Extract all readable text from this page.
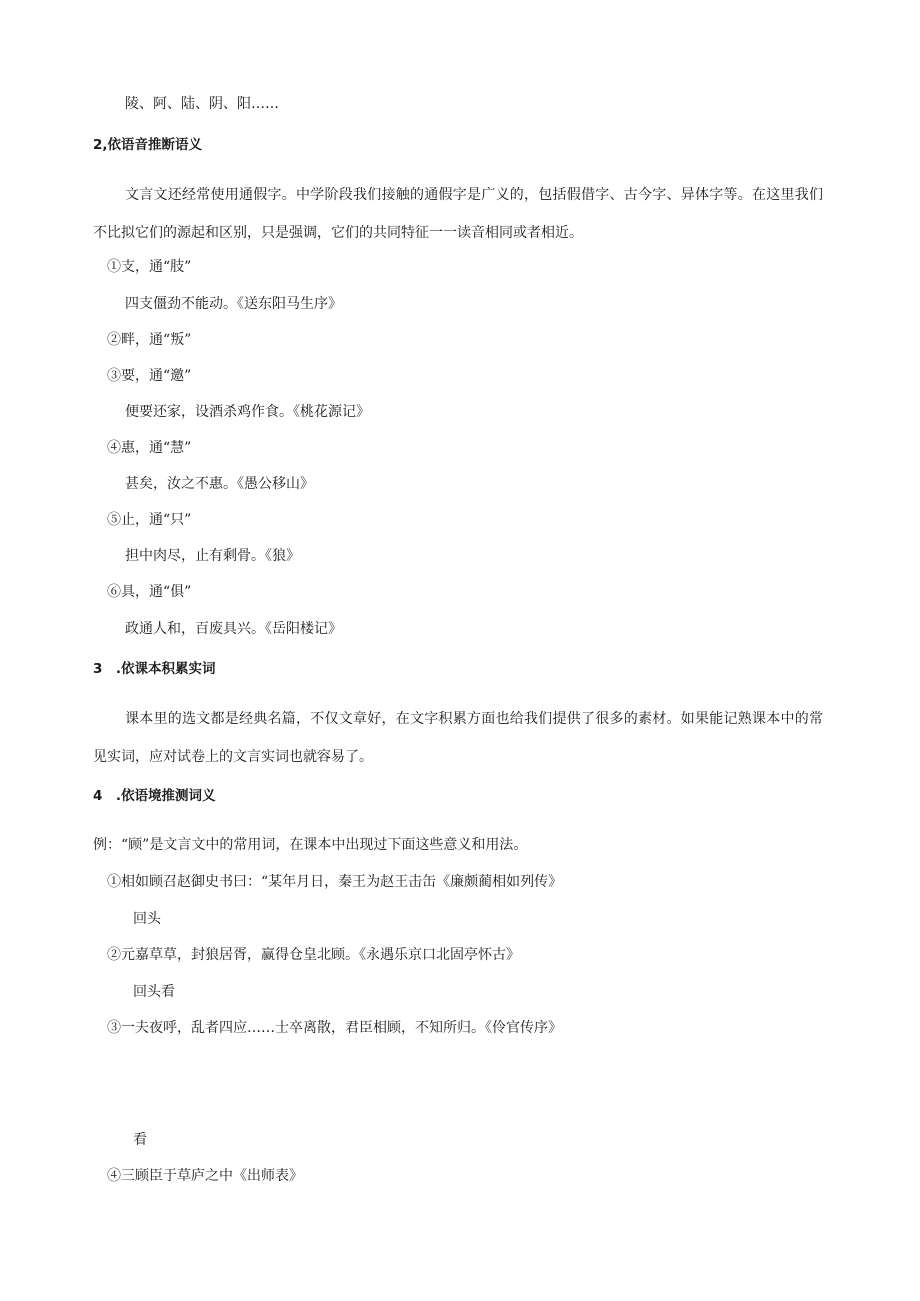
陵、阿、陆、阴、阳……
2,依语音推断语义
文言文还经常使用通假字。中学阶段我们接触的通假字是广义的，包括假借字、古今字、异体字等。在这里我们不比拟它们的源起和区别，只是强调，它们的共同特征一一读音相同或者相近。
①支，通“肢”
四支僵劲不能动。《送东阳马生序》
②畔，通“叛”
③要，通“邀”
便要还家，设酒杀鸡作食。《桃花源记》
④惠，通“慧”
甚矣，汝之不惠。《愚公移山》
⑤止，通“只”
担中肉尽，止有剩骨。《狼》
⑥具，通“俱”
政通人和，百废具兴。《岳阳楼记》
3　.依课本积累实词
课本里的选文都是经典名篇，不仅文章好，在文字积累方面也给我们提供了很多的素材。如果能记熟课本中的常见实词，应对试卷上的文言实词也就容易了。
4　.依语境推测词义
例：“顾”是文言文中的常用词，在课本中出现过下面这些意义和用法。
①相如顾召赵御史书曰：“某年月日，秦王为赵王击缶《廉颇蔺相如列传》
回头
②元嘉草草，封狼居胥，赢得仓皇北顾。《永遇乐京口北固亭怀古》
回头看
③一夫夜呼，乱者四应……士卒离散，君臣相顾，不知所归。《伶官传序》
看
④三顾臣于草庐之中《出师表》
